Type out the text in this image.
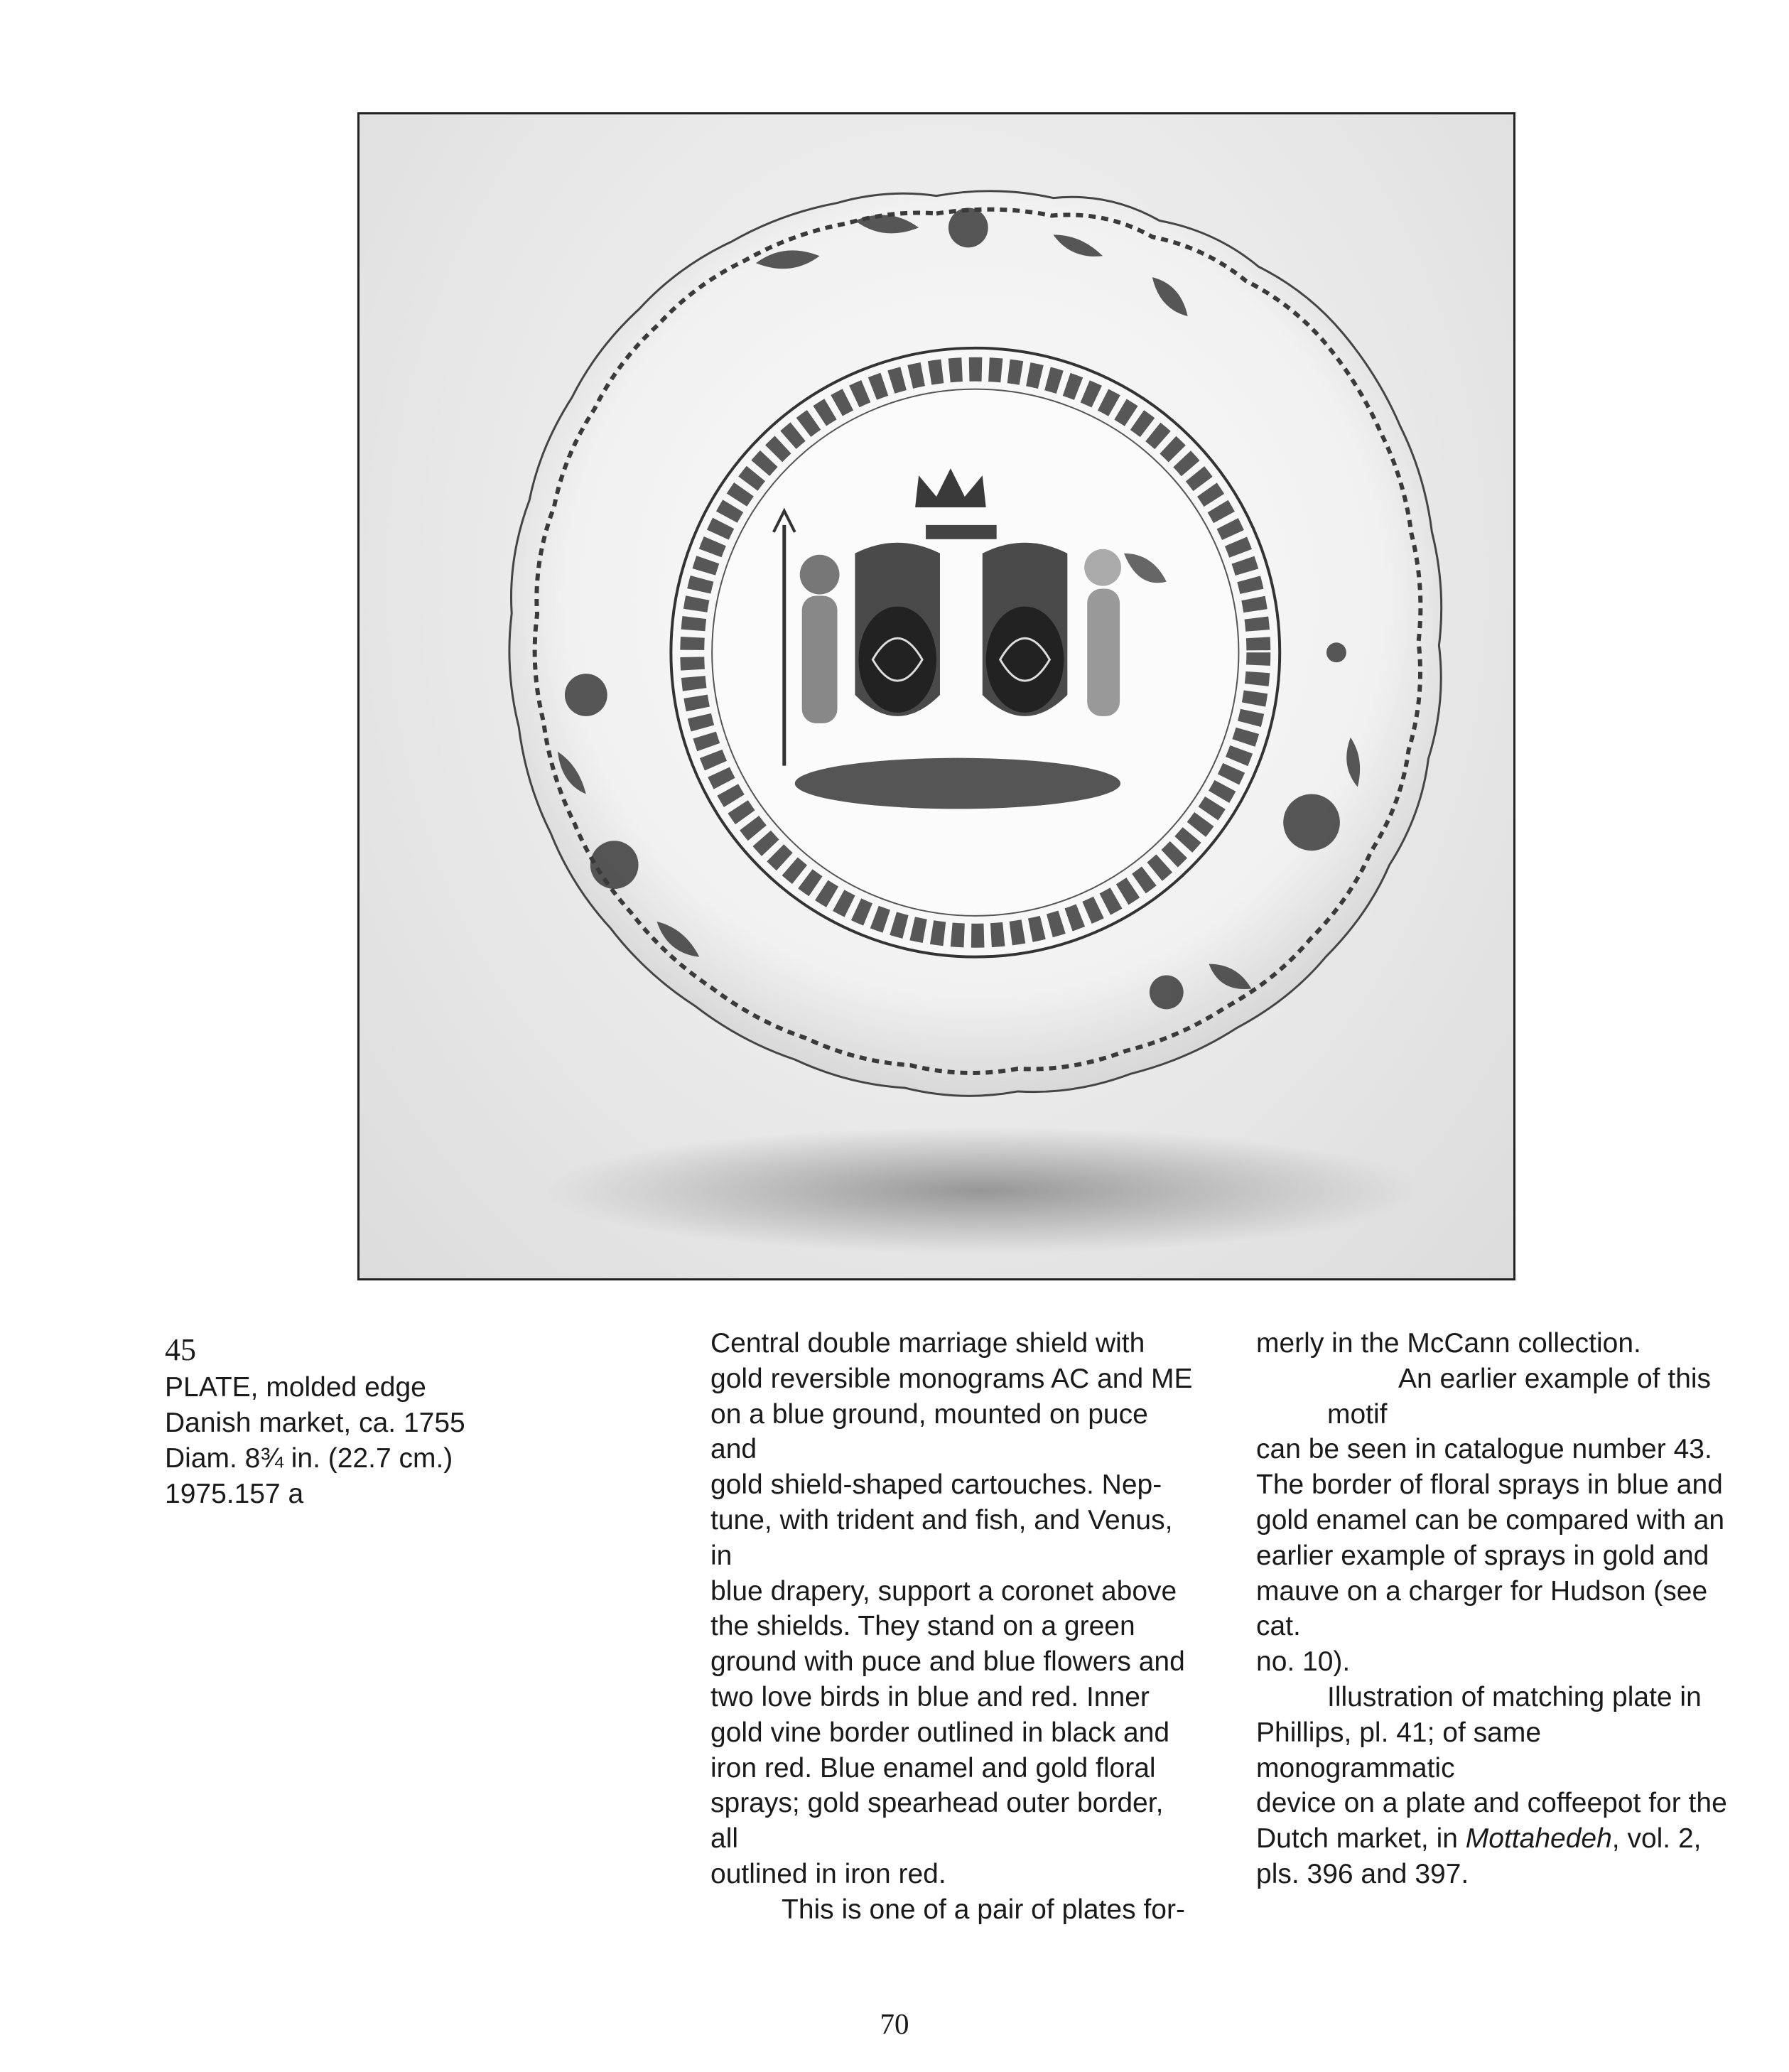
45
PLATE, molded edge
Danish market, ca. 1755
Diam. 8¾ in. (22.7 cm.)
1975.157 a

Central double marriage shield with
gold reversible monograms AC and ME
on a blue ground, mounted on puce and
gold shield-shaped cartouches. Nep-
tune, with trident and fish, and Venus, in
blue drapery, support a coronet above
the shields. They stand on a green
ground with puce and blue flowers and
two love birds in blue and red. Inner
gold vine border outlined in black and
iron red. Blue enamel and gold floral
sprays; gold spearhead outer border, all
outlined in iron red.

This is one of a pair of plates for-

merly in the McCann collection.

An earlier example of this motif
can be seen in catalogue number 43.
The border of floral sprays in blue and
gold enamel can be compared with an
earlier example of sprays in gold and
mauve on a charger for Hudson (see cat.
no. 10).

Illustration of matching plate in
Phillips, pl. 41; of same monogrammatic
device on a plate and coffeepot for the
Dutch market, in Mottahedeh, vol. 2,
pls. 396 and 397.

70
